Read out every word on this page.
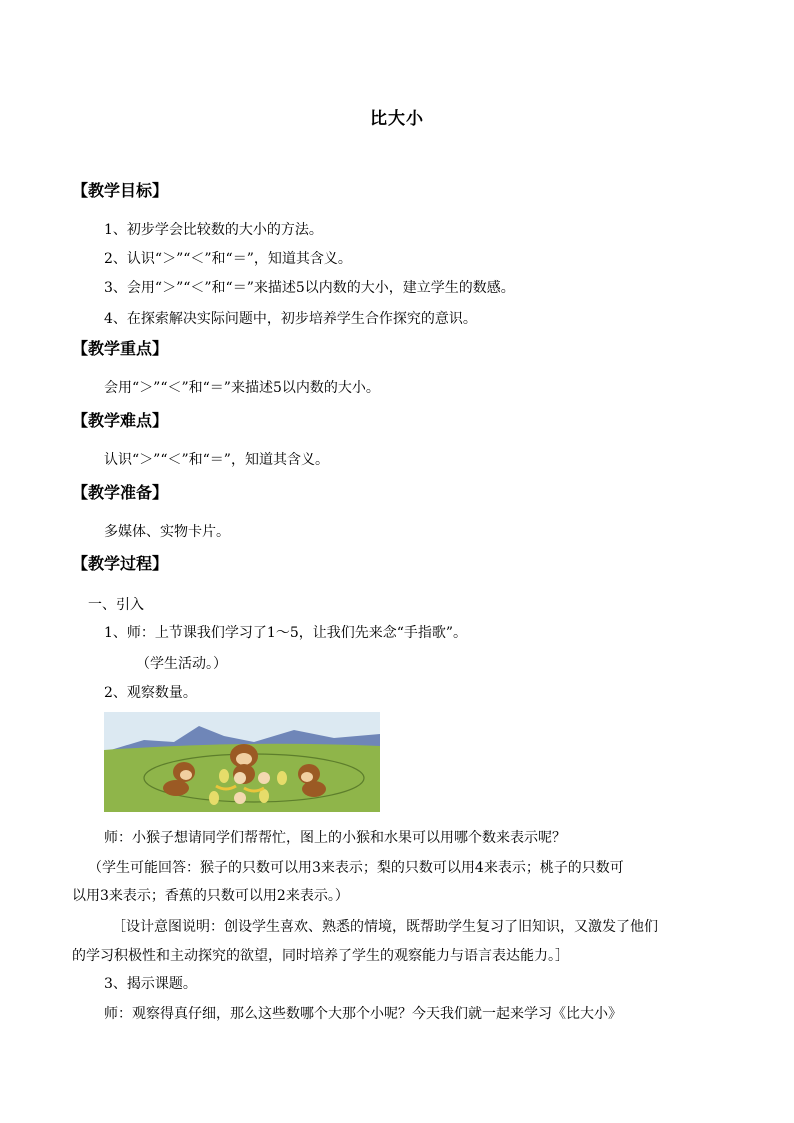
比大小
【教学目标】
1、初步学会比较数的大小的方法。
2、认识“＞”“＜”和“＝”，知道其含义。
3、会用“＞”“＜”和“＝”来描述5以内数的大小，建立学生的数感。
4、在探索解决实际问题中，初步培养学生合作探究的意识。
【教学重点】
会用“＞”“＜”和“＝”来描述5以内数的大小。
【教学难点】
认识“＞”“＜”和“＝”，知道其含义。
【教学准备】
多媒体、实物卡片。
【教学过程】
一、引入
1、师：上节课我们学习了1～5，让我们先来念“手指歌”。
（学生活动。）
2、观察数量。
师：小猴子想请同学们帮帮忙，图上的小猴和水果可以用哪个数来表示呢？
（学生可能回答：猴子的只数可以用3来表示；梨的只数可以用4来表示；桃子的只数可
以用3来表示；香蕉的只数可以用2来表示。）
［设计意图说明：创设学生喜欢、熟悉的情境，既帮助学生复习了旧知识，又激发了他们
的学习积极性和主动探究的欲望，同时培养了学生的观察能力与语言表达能力。］
3、揭示课题。
师：观察得真仔细，那么这些数哪个大那个小呢？今天我们就一起来学习《比大小》
